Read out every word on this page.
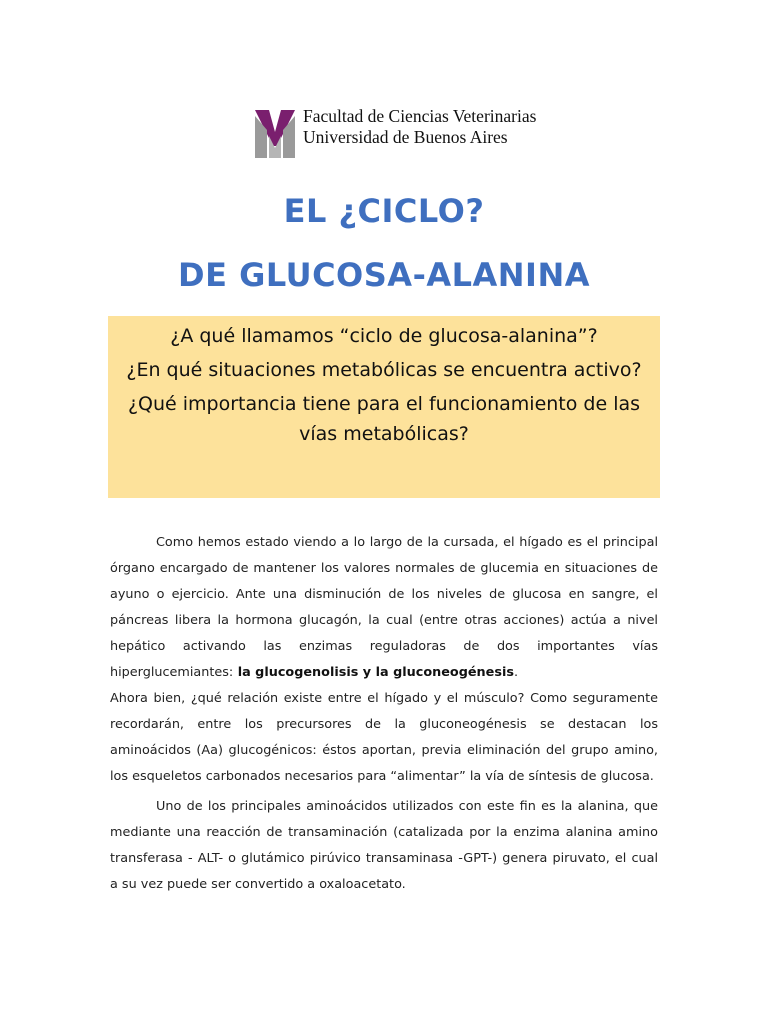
Facultad de Ciencias Veterinarias
Universidad de Buenos Aires
EL ¿CICLO?
DE GLUCOSA-ALANINA

¿A qué llamamos “ciclo de glucosa-alanina”?

¿En qué situaciones metabólicas se encuentra activo?

¿Qué importancia tiene para el funcionamiento de las vías metabólicas?

Como hemos estado viendo a lo largo de la cursada, el hígado es el principal órgano encargado de mantener los valores normales de glucemia en situaciones de ayuno o ejercicio. Ante una disminución de los niveles de glucosa en sangre, el páncreas libera la hormona glucagón, la cual (entre otras acciones) actúa a nivel hepático activando las enzimas reguladoras de dos importantes vías hiperglucemiantes: la glucogenolisis y la gluconeogénesis.

Ahora bien, ¿qué relación existe entre el hígado y el músculo? Como seguramente recordarán, entre los precursores de la gluconeogénesis se destacan los aminoácidos (Aa) glucogénicos: éstos aportan, previa eliminación del grupo amino, los esqueletos carbonados necesarios para “alimentar” la vía de síntesis de glucosa.

Uno de los principales aminoácidos utilizados con este fin es la alanina, que mediante una reacción de transaminación (catalizada por la enzima alanina amino transferasa - ALT- o glutámico pirúvico transaminasa -GPT-) genera piruvato, el cual a su vez puede ser convertido a oxaloacetato.
